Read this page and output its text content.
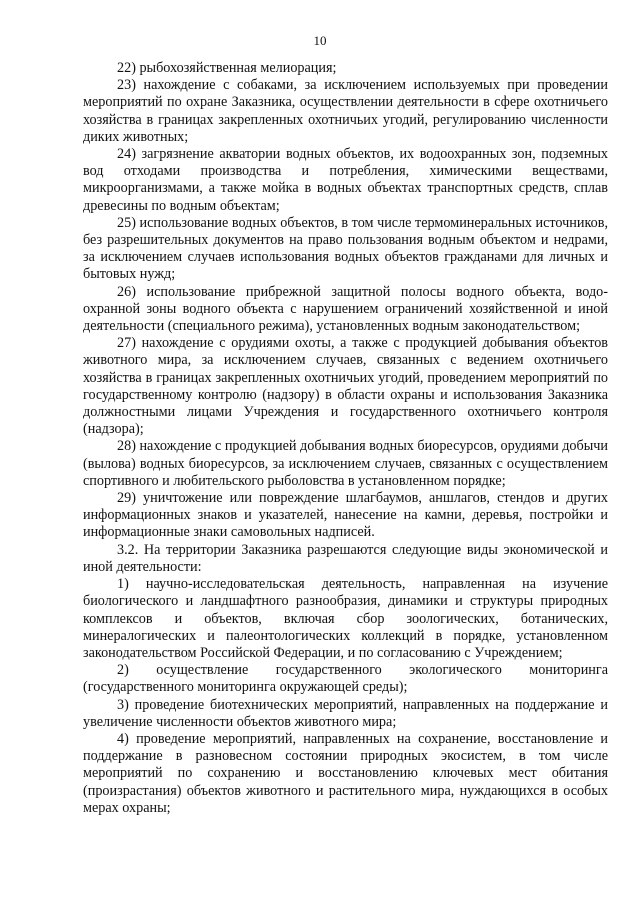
10

22) рыбохозяйственная мелиорация;

23) нахождение с собаками, за исключением используемых при проведении мероприятий по охране Заказника, осуществлении деятельности в сфере охотничьего хозяйства в границах закрепленных охотничьих угодий, регулированию численности диких животных;

24) загрязнение акватории водных объектов, их водоохранных зон, подземных вод отходами производства и потребления, химическими веществами, микроорганизмами, а также мойка в водных объектах транспортных средств, сплав древесины по водным объектам;

25) использование водных объектов, в том числе термоминеральных источников, без разрешительных документов на право пользования водным объектом и недрами, за исключением случаев использования водных объектов гражданами для личных и бытовых нужд;

26) использование прибрежной защитной полосы водного объекта, водо-охранной зоны водного объекта с нарушением ограничений хозяйственной и иной деятельности (специального режима), установленных водным законодательством;

27) нахождение с орудиями охоты, а также с продукцией добывания объектов животного мира, за исключением случаев, связанных с ведением охотничьего хозяйства в границах закрепленных охотничьих угодий, проведением мероприятий по государственному контролю (надзору) в области охраны и использования Заказника должностными лицами Учреждения и государственного охотничьего контроля (надзора);

28) нахождение с продукцией добывания водных биоресурсов, орудиями добычи (вылова) водных биоресурсов, за исключением случаев, связанных с осуществлением спортивного и любительского рыболовства в установленном порядке;

29) уничтожение или повреждение шлагбаумов, аншлагов, стендов и других информационных знаков и указателей, нанесение на камни, деревья, постройки и информационные знаки самовольных надписей.

3.2. На территории Заказника разрешаются следующие виды экономической и иной деятельности:

1) научно-исследовательская деятельность, направленная на изучение биологического и ландшафтного разнообразия, динамики и структуры природных комплексов и объектов, включая сбор зоологических, ботанических, минералогических и палеонтологических коллекций в порядке, установленном законодательством Российской Федерации, и по согласованию с Учреждением;

2) осуществление государственного экологического мониторинга (государственного мониторинга окружающей среды);

3) проведение биотехнических мероприятий, направленных на поддержание и увеличение численности объектов животного мира;

4) проведение мероприятий, направленных на сохранение, восстановление и поддержание в разновесном состоянии природных экосистем, в том числе мероприятий по сохранению и восстановлению ключевых мест обитания (произрастания) объектов животного и растительного мира, нуждающихся в особых мерах охраны;
